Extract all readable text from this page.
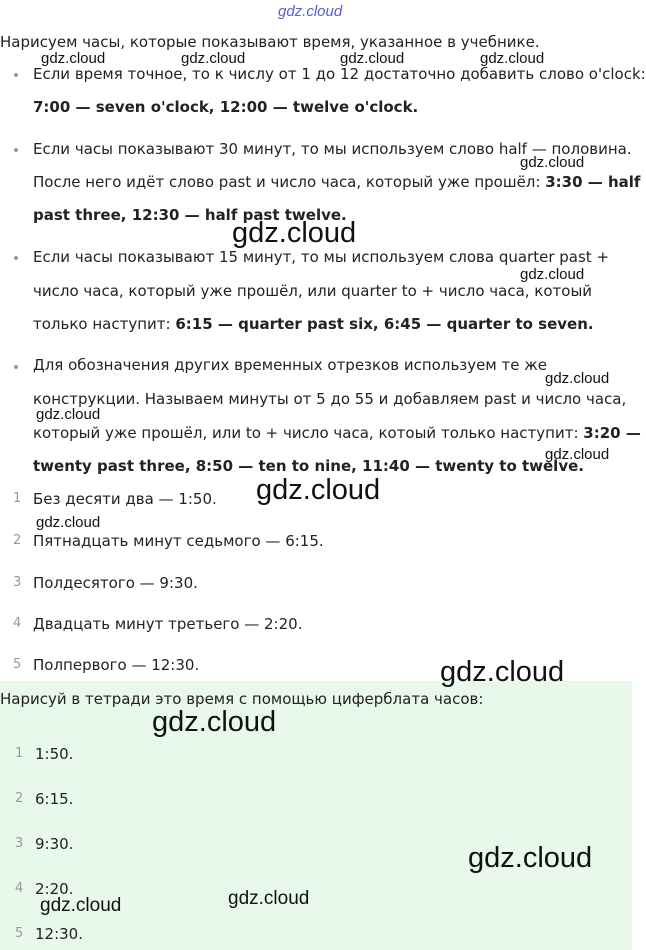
Нарисуем часы, которые показывают время, указанное в учебнике.
Нарисуй в тетради это время с помощью циферблата часов:
gdz.cloud
gdz.cloud	gdz.cloud	gdz.cloud	gdz.cloud
gdz.cloud
gdz.cloud
gdz.cloud
gdz.cloud
gdz.cloud
gdz.cloud
gdz.cloud
gdz.cloud
gdz.cloud
gdz.cloud
gdz.cloud
gdz.cloud	gdz.cloud
Если время точное, то к числу от 1 до 12 достаточно добавить слово o'clock:
7:00 — seven o'clock, 12:00 — twelve o'clock.
Если часы показывают 30 минут, то мы используем слово half — половина.
После него идёт слово past и число часа, который уже прошёл: 3:30 — half
past three, 12:30 — half past twelve.
Если часы показывают 15 минут, то мы используем слова quarter past +
число часа, который уже прошёл, или quarter to + число часа, котоый
только наступит: 6:15 — quarter past six, 6:45 — quarter to seven.
Для обозначения других временных отрезков используем те же
конструкции. Называем минуты от 5 до 55 и добавляем past и число часа,
который уже прошёл, или to + число часа, котоый только наступит: 3:20 —
twenty past three, 8:50 — ten to nine, 11:40 — twenty to twelve.
1 Без десяти два — 1:50.
2 Пятнадцать минут седьмого — 6:15.
3 Полдесятого — 9:30.
4 Двадцать минут третьего — 2:20.
5 Полпервого — 12:30.
1 1:50.
2 6:15.
3 9:30.
4 2:20.
5 12:30.
